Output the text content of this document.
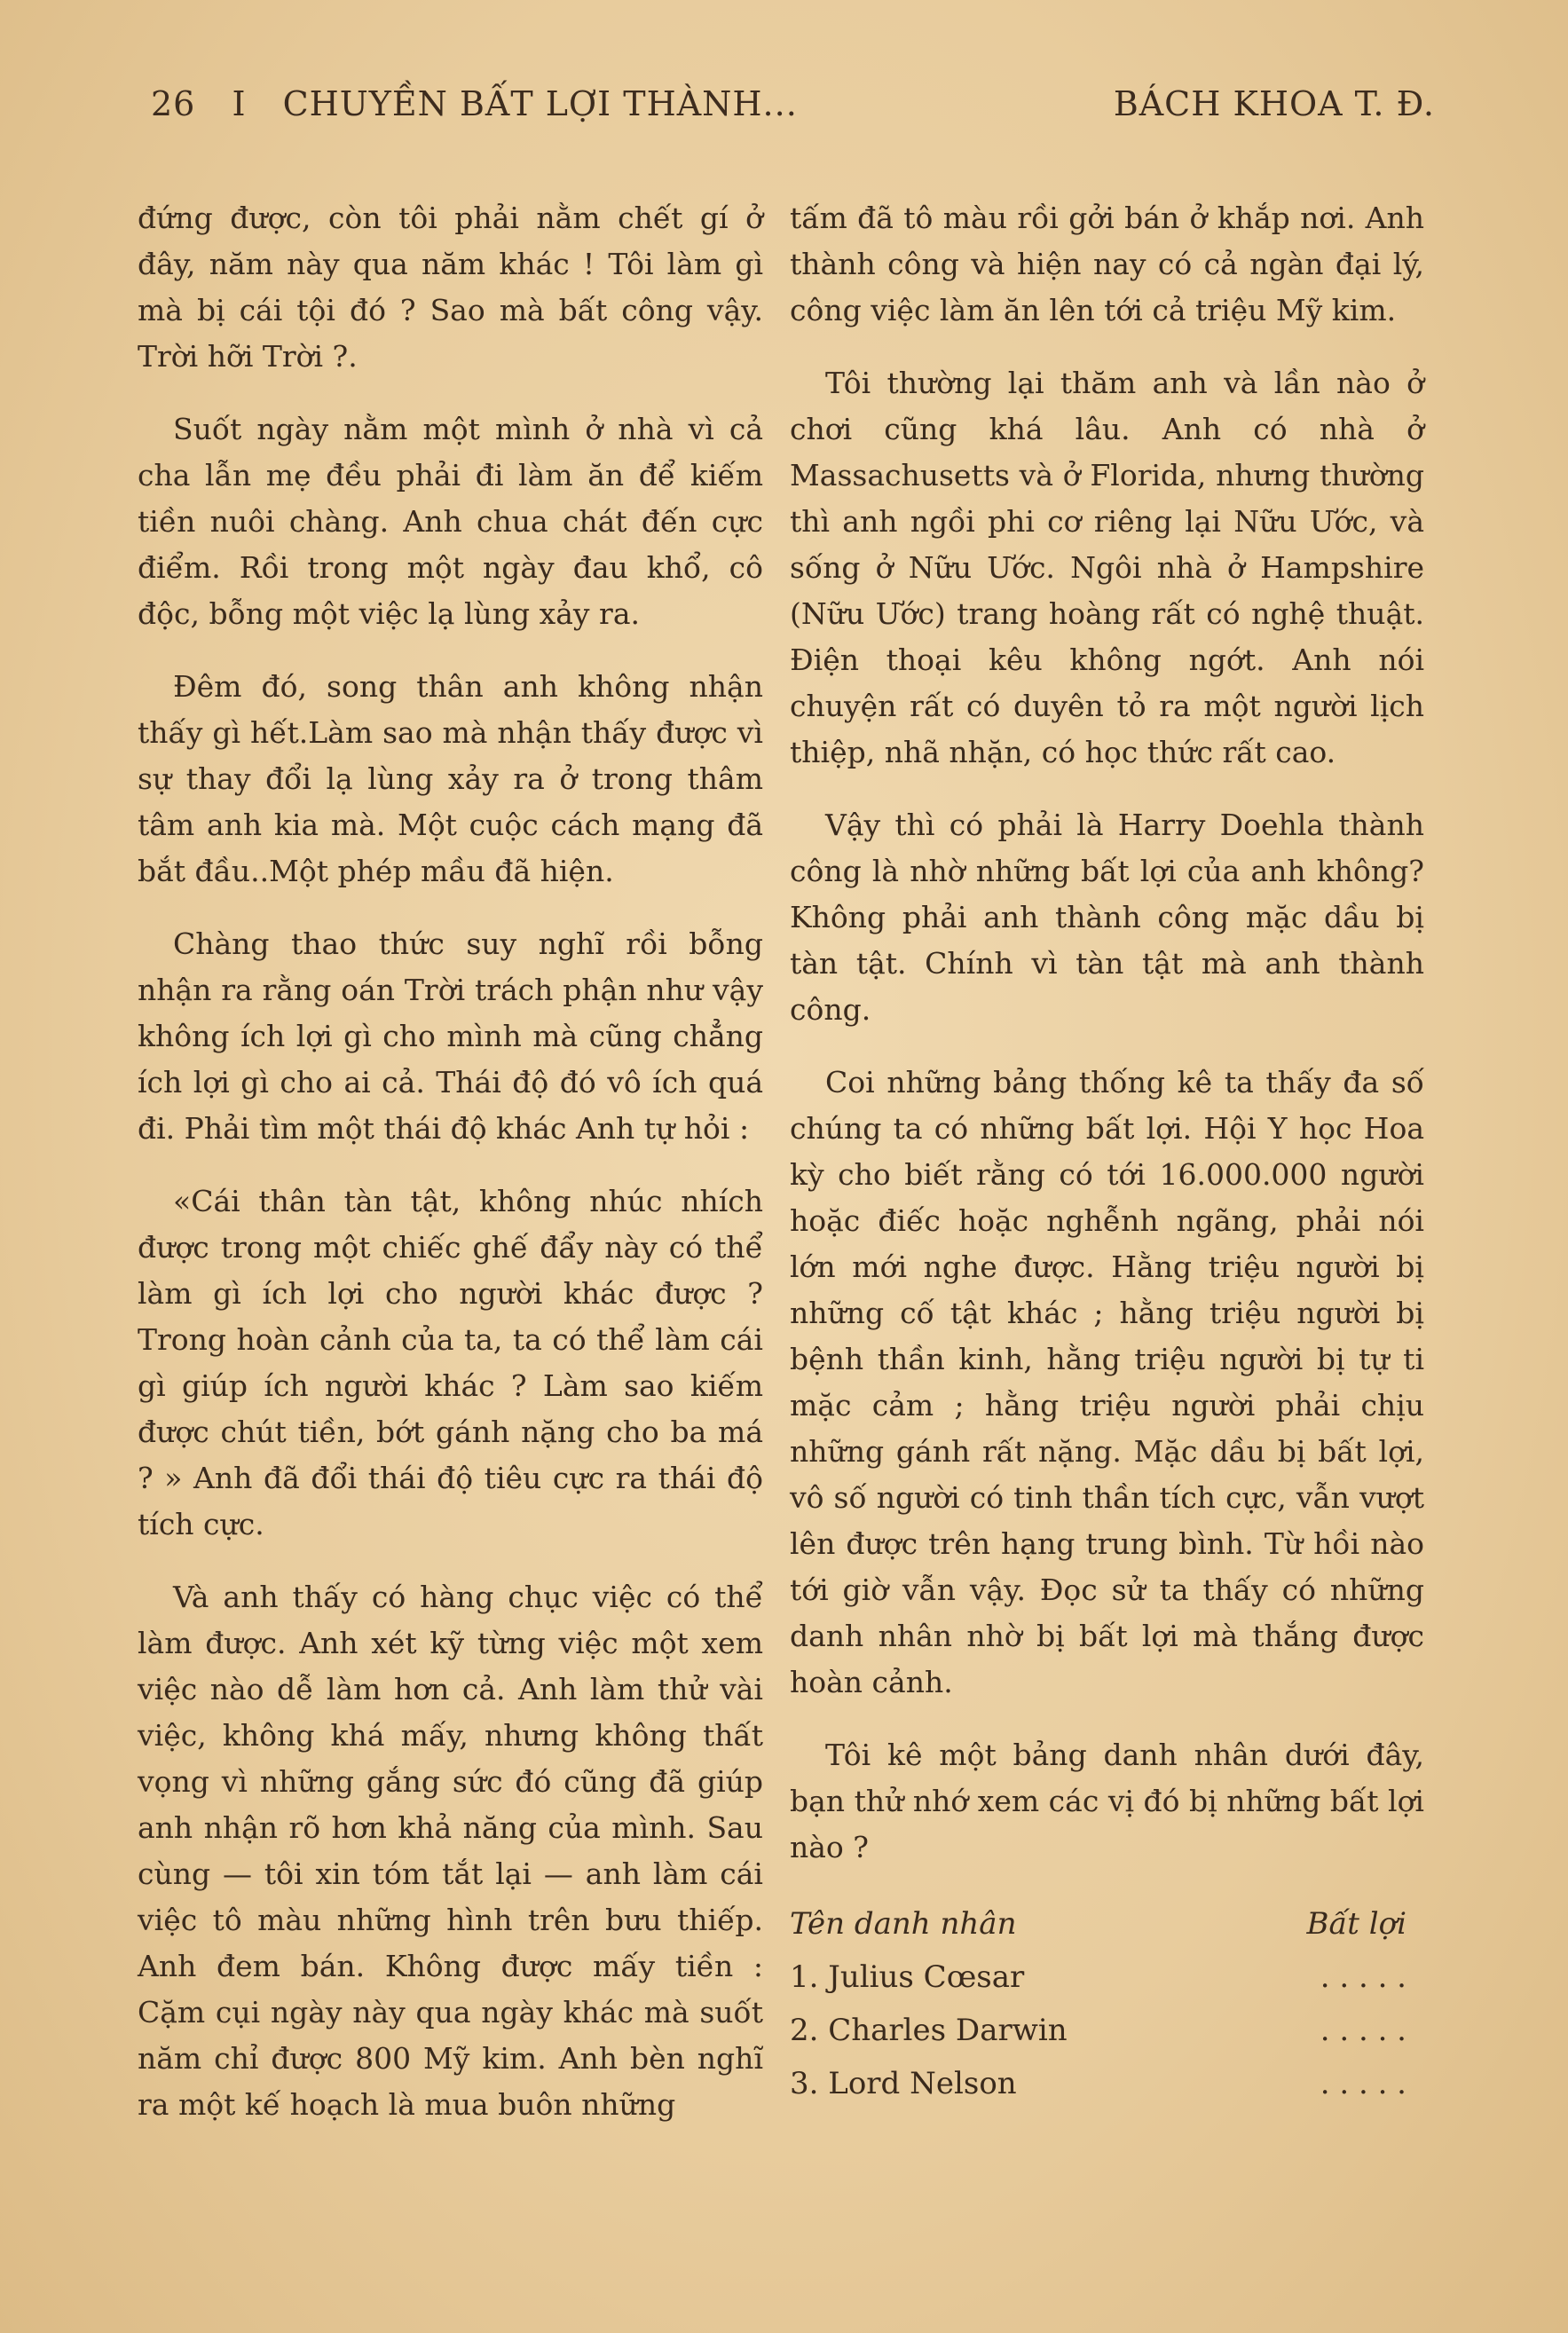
26 I CHUYỀN BẤT LỢI THÀNH...	BÁCH KHOA T. Đ.

đứng được, còn tôi phải nằm chết gí ở đây, năm này qua năm khác ! Tôi làm gì mà bị cái tội đó ? Sao mà bất công vậy. Trời hỡi Trời ?.

Suốt ngày nằm một mình ở nhà vì cả cha lẫn mẹ đều phải đi làm ăn để kiếm tiền nuôi chàng. Anh chua chát đến cực điểm. Rồi trong một ngày đau khổ, cô độc, bỗng một việc lạ lùng xảy ra.

Đêm đó, song thân anh không nhận thấy gì hết.Làm sao mà nhận thấy được vì sự thay đổi lạ lùng xảy ra ở trong thâm tâm anh kia mà. Một cuộc cách mạng đã bắt đầu..Một phép mầu đã hiện.

Chàng thao thức suy nghĩ rồi bỗng nhận ra rằng oán Trời trách phận như vậy không ích lợi gì cho mình mà cũng chẳng ích lợi gì cho ai cả. Thái độ đó vô ích quá đi. Phải tìm một thái độ khác Anh tự hỏi :

«Cái thân tàn tật, không nhúc nhích được trong một chiếc ghế đẩy này có thể làm gì ích lợi cho người khác được ? Trong hoàn cảnh của ta, ta có thể làm cái gì giúp ích người khác ? Làm sao kiếm được chút tiền, bớt gánh nặng cho ba má ? » Anh đã đổi thái độ tiêu cực ra thái độ tích cực.

Và anh thấy có hàng chục việc có thể làm được. Anh xét kỹ từng việc một xem việc nào dễ làm hơn cả. Anh làm thử vài việc, không khá mấy, nhưng không thất vọng vì những gắng sức đó cũng đã giúp anh nhận rõ hơn khả năng của mình. Sau cùng — tôi xin tóm tắt lại — anh làm cái việc tô màu những hình trên bưu thiếp. Anh đem bán. Không được mấy tiền : Cặm cụi ngày này qua ngày khác mà suốt năm chỉ được 800 Mỹ kim. Anh bèn nghĩ ra một kế hoạch là mua buôn những

tấm đã tô màu rồi gởi bán ở khắp nơi. Anh thành công và hiện nay có cả ngàn đại lý, công việc làm ăn lên tới cả triệu Mỹ kim.

Tôi thường lại thăm anh và lần nào ở chơi cũng khá lâu. Anh có nhà ở Massachusetts và ở Florida, nhưng thường thì anh ngồi phi cơ riêng lại Nữu Ước, và sống ở Nữu Ước. Ngôi nhà ở Hampshire (Nữu Ước) trang hoàng rất có nghệ thuật. Điện thoại kêu không ngớt. Anh nói chuyện rất có duyên tỏ ra một người lịch thiệp, nhã nhặn, có học thức rất cao.

Vậy thì có phải là Harry Doehla thành công là nhờ những bất lợi của anh không? Không phải anh thành công mặc dầu bị tàn tật. Chính vì tàn tật mà anh thành công.

Coi những bảng thống kê ta thấy đa số chúng ta có những bất lợi. Hội Y học Hoa kỳ cho biết rằng có tới 16.000.000 người hoặc điếc hoặc nghễnh ngãng, phải nói lớn mới nghe được. Hằng triệu người bị những cố tật khác ; hằng triệu người bị bệnh thần kinh, hằng triệu người bị tự ti mặc cảm ; hằng triệu người phải chịu những gánh rất nặng. Mặc dầu bị bất lợi, vô số người có tinh thần tích cực, vẫn vượt lên được trên hạng trung bình. Từ hồi nào tới giờ vẫn vậy. Đọc sử ta thấy có những danh nhân nhờ bị bất lợi mà thắng được hoàn cảnh.

Tôi kê một bảng danh nhân dưới đây, bạn thử nhớ xem các vị đó bị những bất lợi nào ?

Tên danh nhân	Bất lợi
1. Julius Cœsar	. . . . .
2. Charles Darwin	. . . . .
3. Lord Nelson	. . . . .
